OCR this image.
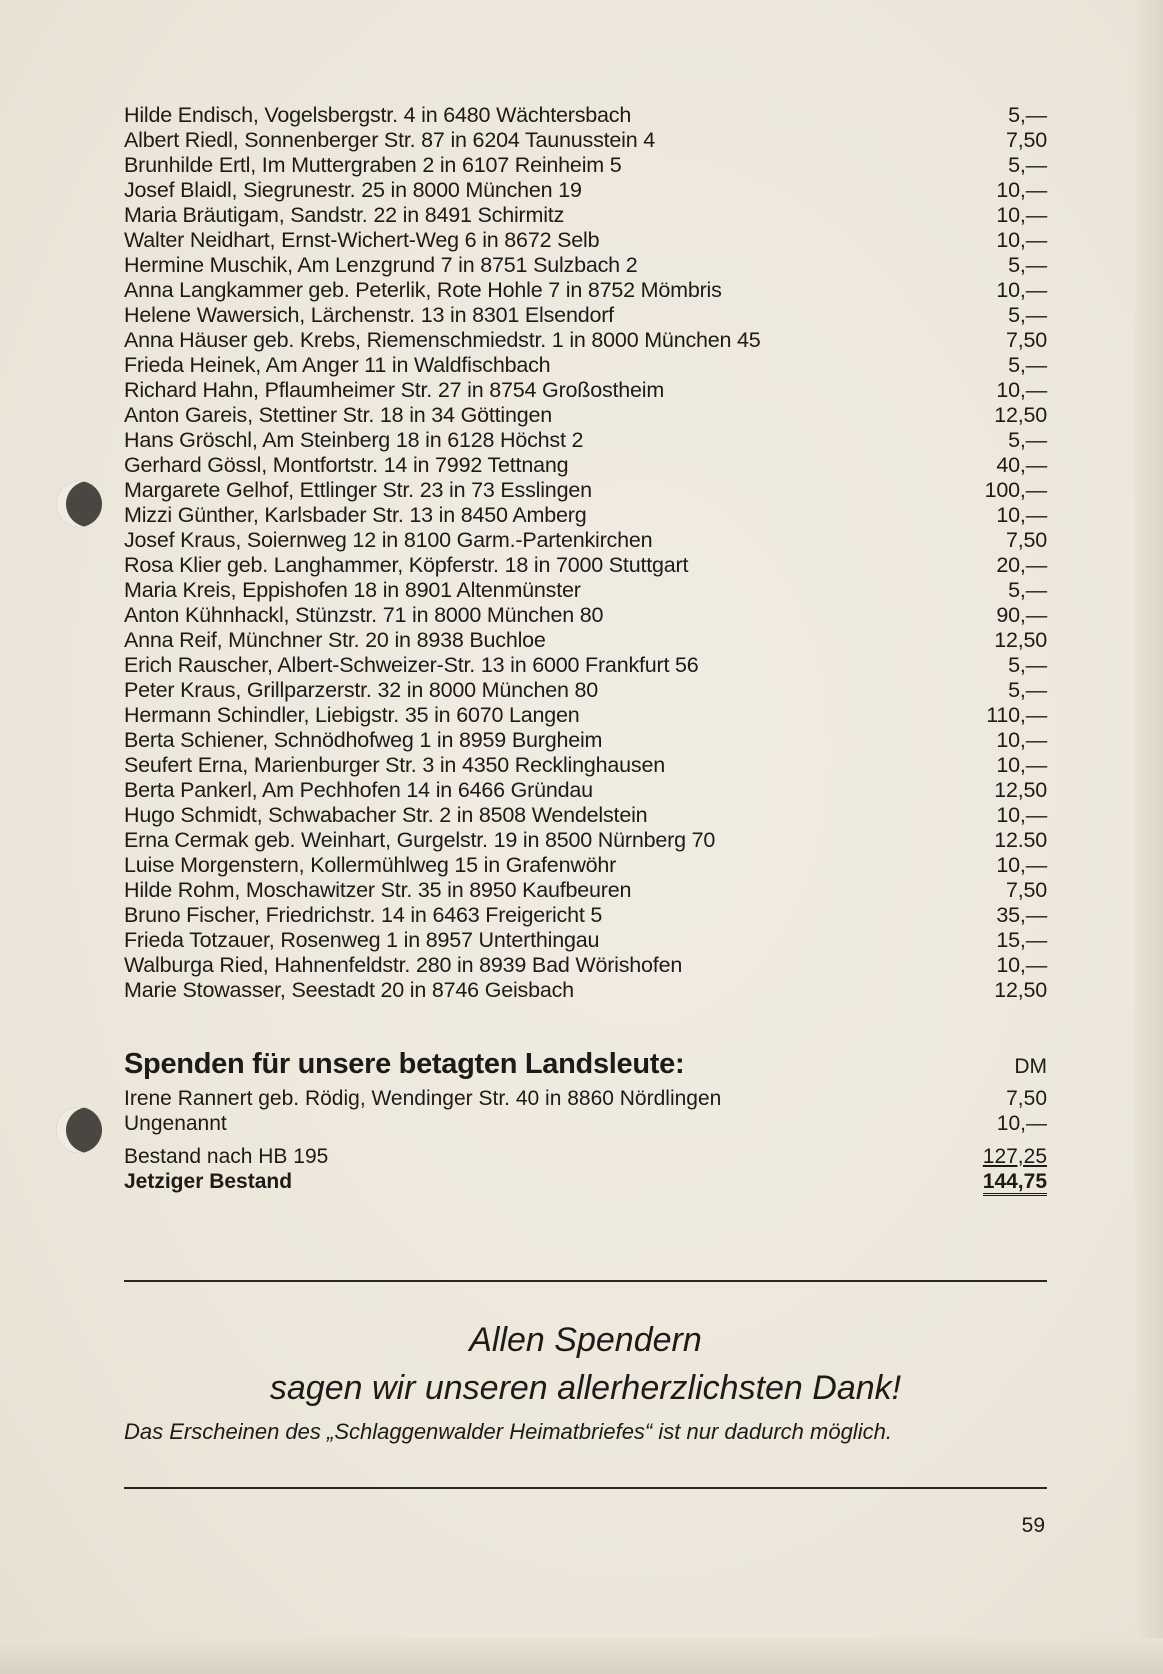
Hilde Endisch, Vogelsbergstr. 4 in 6480 Wächtersbach	5,—
Albert Riedl, Sonnenberger Str. 87 in 6204 Taunusstein 4	7,50
Brunhilde Ertl, Im Muttergraben 2 in 6107 Reinheim 5	5,—
Josef Blaidl, Siegrunestr. 25 in 8000 München 19	10,—
Maria Bräutigam, Sandstr. 22 in 8491 Schirmitz	10,—
Walter Neidhart, Ernst-Wichert-Weg 6 in 8672 Selb	10,—
Hermine Muschik, Am Lenzgrund 7 in 8751 Sulzbach 2	5,—
Anna Langkammer geb. Peterlik, Rote Hohle 7 in 8752 Mömbris	10,—
Helene Wawersich, Lärchenstr. 13 in 8301 Elsendorf	5,—
Anna Häuser geb. Krebs, Riemenschmiedstr. 1 in 8000 München 45	7,50
Frieda Heinek, Am Anger 11 in Waldfischbach	5,—
Richard Hahn, Pflaumheimer Str. 27 in 8754 Großostheim	10,—
Anton Gareis, Stettiner Str. 18 in 34 Göttingen	12,50
Hans Gröschl, Am Steinberg 18 in 6128 Höchst 2	5,—
Gerhard Gössl, Montfortstr. 14 in 7992 Tettnang	40,—
Margarete Gelhof, Ettlinger Str. 23 in 73 Esslingen	100,—
Mizzi Günther, Karlsbader Str. 13 in 8450 Amberg	10,—
Josef Kraus, Soiernweg 12 in 8100 Garm.-Partenkirchen	7,50
Rosa Klier geb. Langhammer, Köpferstr. 18 in 7000 Stuttgart	20,—
Maria Kreis, Eppishofen 18 in 8901 Altenmünster	5,—
Anton Kühnhackl, Stünzstr. 71 in 8000 München 80	90,—
Anna Reif, Münchner Str. 20 in 8938 Buchloe	12,50
Erich Rauscher, Albert-Schweizer-Str. 13 in 6000 Frankfurt 56	5,—
Peter Kraus, Grillparzerstr. 32 in 8000 München 80	5,—
Hermann Schindler, Liebigstr. 35 in 6070 Langen	110,—
Berta Schiener, Schnödhofweg 1 in 8959 Burgheim	10,—
Seufert Erna, Marienburger Str. 3 in 4350 Recklinghausen	10,—
Berta Pankerl, Am Pechhofen 14 in 6466 Gründau	12,50
Hugo Schmidt, Schwabacher Str. 2 in 8508 Wendelstein	10,—
Erna Cermak geb. Weinhart, Gurgelstr. 19 in 8500 Nürnberg 70	12.50
Luise Morgenstern, Kollermühlweg 15 in Grafenwöhr	10,—
Hilde Rohm, Moschawitzer Str. 35 in 8950 Kaufbeuren	7,50
Bruno Fischer, Friedrichstr. 14 in 6463 Freigericht 5	35,—
Frieda Totzauer, Rosenweg 1 in 8957 Unterthingau	15,—
Walburga Ried, Hahnenfeldstr. 280 in 8939 Bad Wörishofen	10,—
Marie Stowasser, Seestadt 20 in 8746 Geisbach	12,50
Spenden für unsere betagten Landsleute:	DM
Irene Rannert geb. Rödig, Wendinger Str. 40 in 8860 Nördlingen	7,50
Ungenannt	10,—
Bestand nach HB 195	127,25
Jetziger Bestand	144,75
Allen Spendern
sagen wir unseren allerherzlichsten Dank!
Das Erscheinen des „Schlaggenwalder Heimatbriefes“ ist nur dadurch möglich.
59
